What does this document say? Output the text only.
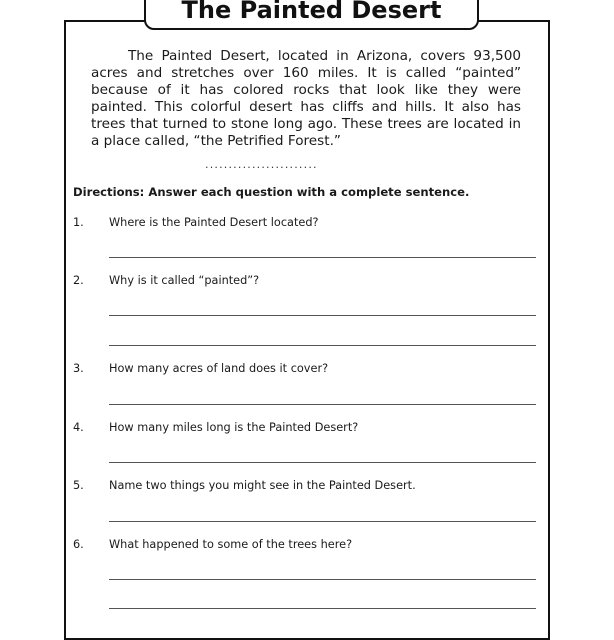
The Painted Desert

The Painted Desert, located in Arizona, covers 93,500 acres and stretches over 160 miles. It is called “painted” because of it has colored rocks that look like they were painted. This colorful desert has cliffs and hills. It also has trees that turned to stone long ago. These trees are located in a place called, “the Petrified Forest.”

........................
Directions: Answer each question with a complete sentence.
1. Where is the Painted Desert located?
2. Why is it called “painted”?
3. How many acres of land does it cover?
4. How many miles long is the Painted Desert?
5. Name two things you might see in the Painted Desert.
6. What happened to some of the trees here?
